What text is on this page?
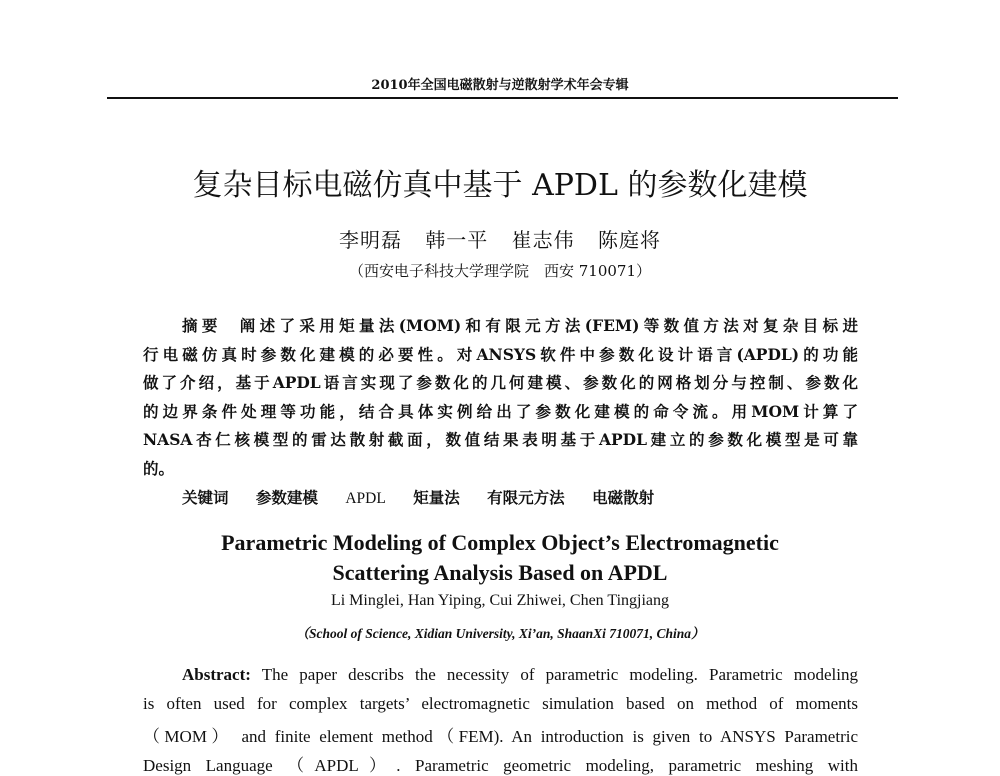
2010年全国电磁散射与逆散射学术年会专辑
复杂目标电磁仿真中基于 APDL 的参数化建模
李明磊 韩一平 崔志伟 陈庭将
（西安电子科技大学理学院　西安 710071）
摘要 阐述了采用矩量法(MOM)和有限元方法(FEM)等数值方法对复杂目标进
行电磁仿真时参数化建模的必要性。对ANSYS软件中参数化设计语言(APDL)的功能
做了介绍，基于APDL语言实现了参数化的几何建模、参数化的网格划分与控制、参数化
的边界条件处理等功能，结合具体实例给出了参数化建模的命令流。用MOM计算了
NASA杏仁核模型的雷达散射截面，数值结果表明基于APDL建立的参数化模型是可靠
的。
关键词 参数建模 APDL 矩量法 有限元方法 电磁散射
Parametric Modeling of Complex Object’s Electromagnetic
Scattering Analysis Based on APDL
Li Minglei, Han Yiping, Cui Zhiwei, Chen Tingjiang
（School of Science, Xidian University, Xi’an, ShaanXi 710071, China）
Abstract: The paper describs the necessity of parametric modeling. Parametric modeling
is often used for complex targets’ electromagnetic simulation based on method of moments
（MOM） and finite element method（FEM). An introduction is given to ANSYS Parametric
Design Language （APDL）. Parametric geometric modeling, parametric meshing with
